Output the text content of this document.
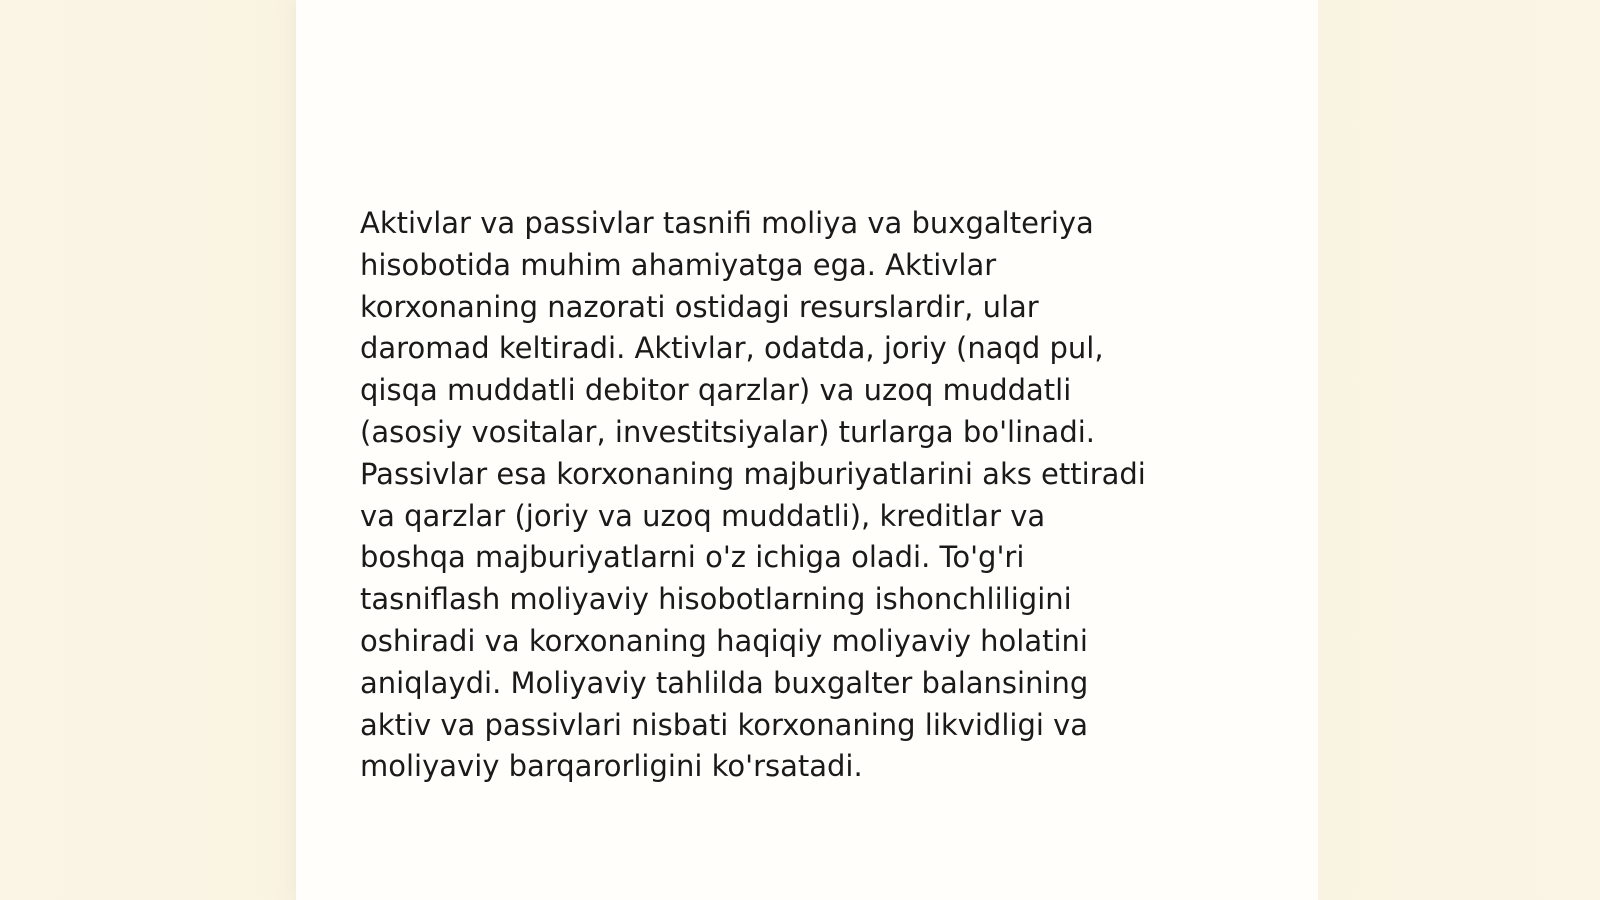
Aktivlar va passivlar tasnifi moliya va buxgalteriya
hisobotida muhim ahamiyatga ega. Aktivlar
korxonaning nazorati ostidagi resurslardir, ular
daromad keltiradi. Aktivlar, odatda, joriy (naqd pul,
qisqa muddatli debitor qarzlar) va uzoq muddatli
(asosiy vositalar, investitsiyalar) turlarga bo'linadi.
Passivlar esa korxonaning majburiyatlarini aks ettiradi
va qarzlar (joriy va uzoq muddatli), kreditlar va
boshqa majburiyatlarni o'z ichiga oladi. To'g'ri
tasniflash moliyaviy hisobotlarning ishonchliligini
oshiradi va korxonaning haqiqiy moliyaviy holatini
aniqlaydi. Moliyaviy tahlilda buxgalter balansining
aktiv va passivlari nisbati korxonaning likvidligi va
moliyaviy barqarorligini ko'rsatadi.
